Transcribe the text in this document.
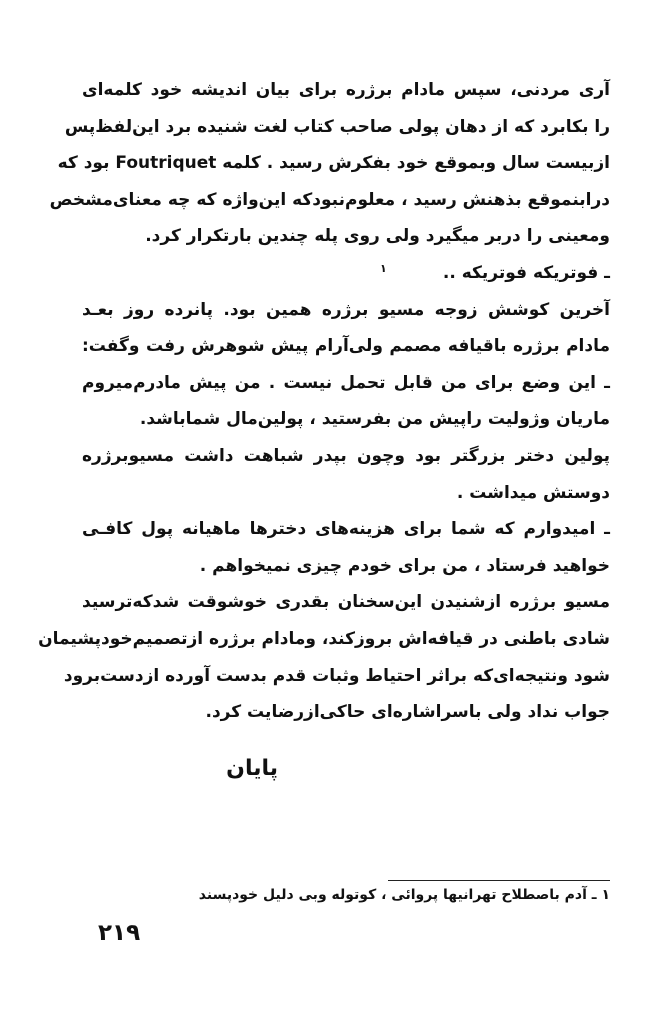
آری مردنی، سپس مادام برژره برای بیان اندیشه خود کلمه‌ای
را بکابرد که از دهان پولی صاحب کتاب لغت شنیده برد این‌لفظ‌پس
ازبیست سال وبموقع خود بفکرش رسید . کلمه Foutriquet بود که
درابنموقع بذهنش رسید ، معلوم‌نبودکه این‌واژه که چه معنای‌مشخص
ومعینی را دربر میگیرد ولی روی پله چندین بارتکرار کرد.
ـ فوتریکه فوتریکه ..
آخرین کوشش زوجه مسیو برژره همین بود. پانرده روز بعـد
مادام برژره باقیافه مصمم ولی‌آرام پیش شوهرش رفت وگفت:
ـ این وضع برای من قابل تحمل نیست . من پیش مادرم‌میروم
ماریان وژولیت راپیش من بفرستید ، پولین‌مال شماباشد.
پولین دختر بزرگتر بود وچون بپدر شباهت داشت مسیوبرژره
دوستش میداشت .
ـ امیدوارم که شما برای هزینه‌های دخترها ماهیانه پول کافـی
خواهید فرستاد ، من برای خودم چیزی نمیخواهم .
مسیو برژره ازشنیدن این‌سخنان بقدری خوشوقت شدکه‌ترسید
شادی باطنی در قیافه‌اش بروزکند، ومادام برژره ازتصمیم‌خودپشیمان
شود ونتیجه‌ای‌که براثر احتیاط وثبات قدم بدست آورده ازدست‌برود
جواب نداد ولی باسراشاره‌ای حاکی‌ازرضایت کرد.
۱
پایان
۱ ـ آدم باصطلاح تهرانیها پروائی ، کوتوله وبی دلیل خودپسند
۲۱۹
